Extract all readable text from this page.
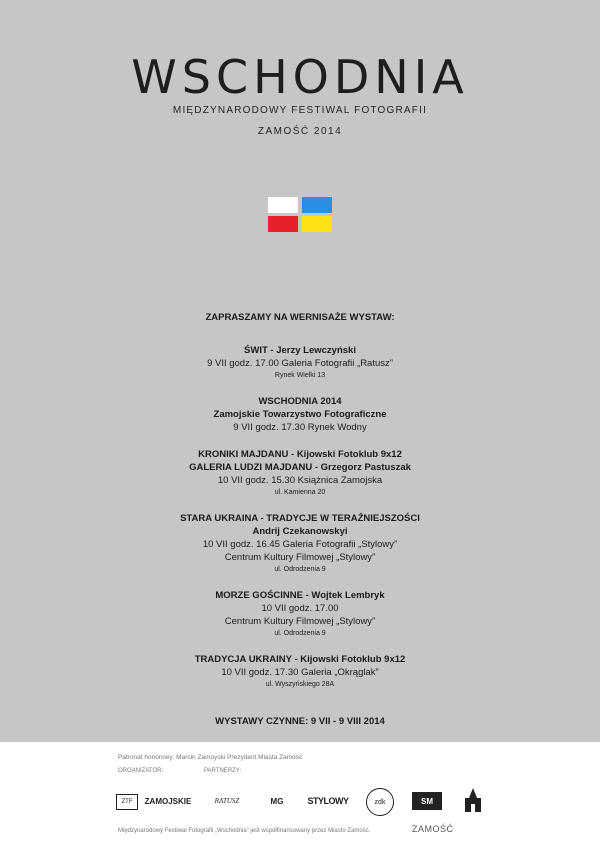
WSCHODNIA
MIĘDZYNARODOWY FESTIWAL FOTOGRAFII
ZAMOŚĆ 2014
ZAPRASZAMY NA WERNISAŻE WYSTAW:
ŚWIT - Jerzy Lewczyński
9 VII godz. 17.00 Galeria Fotografii „Ratusz”
Rynek Wielki 13
WSCHODNIA 2014
Zamojskie Towarzystwo Fotograficzne
9 VII godz. 17.30 Rynek Wodny
KRONIKI MAJDANU - Kijowski Fotoklub 9x12
GALERIA LUDZI MAJDANU - Grzegorz Pastuszak
10 VII godz. 15.30 Książnica Zamojska
ul. Kamienna 20
STARA UKRAINA - TRADYCJE W TERAŹNIEJSZOŚCI
Andrij Czekanowskyi
10 VII godz. 16.45 Galeria Fotografii „Stylowy”
Centrum Kultury Filmowej „Stylowy”
ul. Odrodzenia 9
MORZE GOŚCINNE - Wojtek Lembryk
10 VII godz. 17.00
Centrum Kultury Filmowej „Stylowy”
ul. Odrodzenia 9
TRADYCJA UKRAINY - Kijowski Fotoklub 9x12
10 VII godz. 17.30 Galeria „Okrąglak”
ul. Wyszyńskiego 28A
WYSTAWY CZYNNE: 9 VII - 9 VIII 2014
Patronat honorowy: Marcin Zamoyski Prezydent Miasta Zamość
ORGANIZATOR:	PARTNERZY:
ZTF	ZAMOJSKIE	RATUSZ	MG	STYLOWY	zdk	SM
Międzynarodowy Festiwal Fotografii „Wschodnia” jest współfinansowany przez Miasto Zamość.	ZAMOŚĆ
